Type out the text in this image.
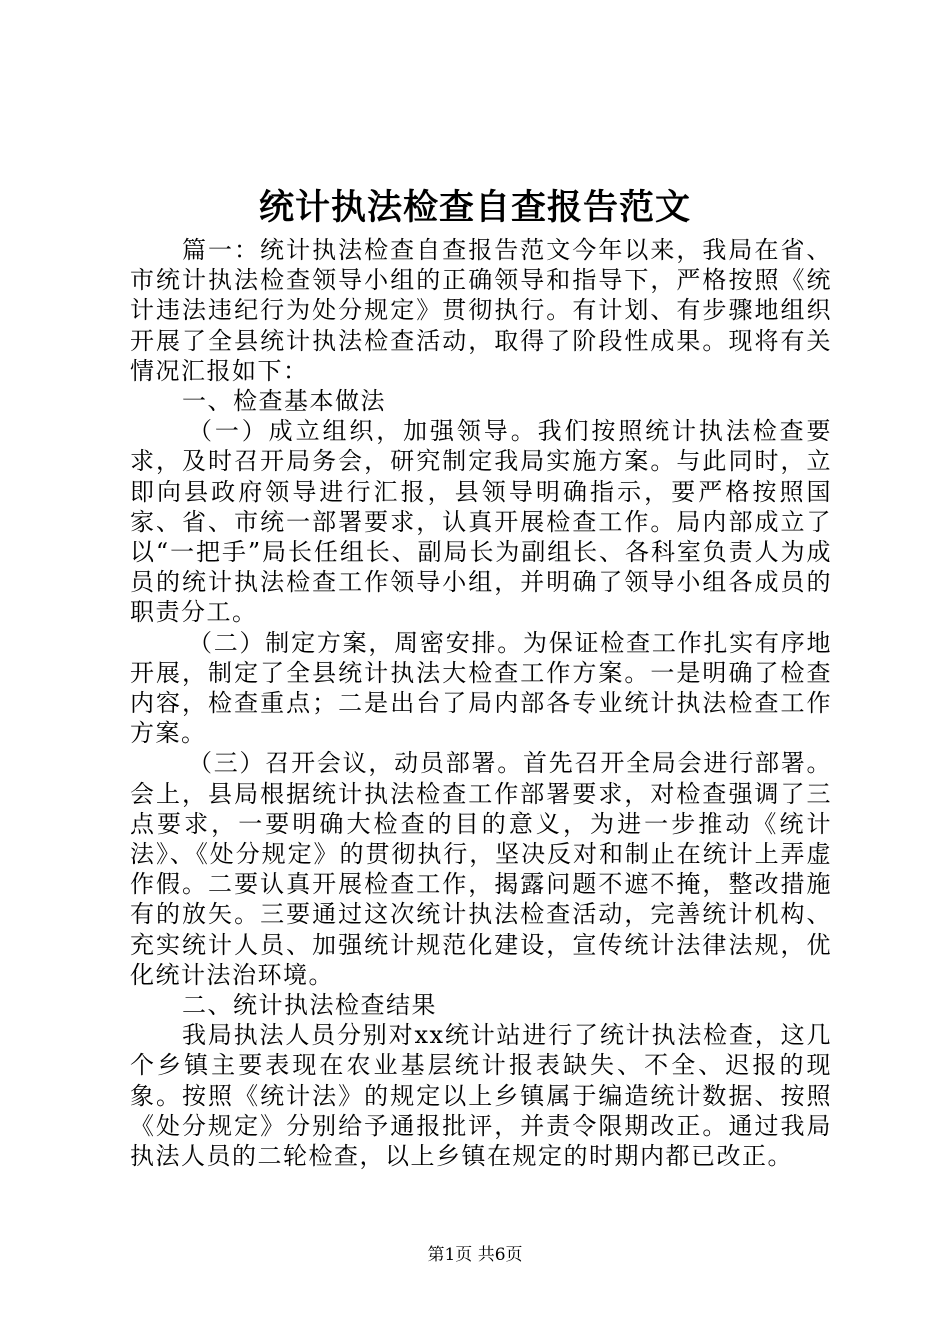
统计执法检查自查报告范文

篇一：统计执法检查自查报告范文今年以来，我局在省、市统计执法检查领导小组的正确领导和指导下，严格按照《统计违法违纪行为处分规定》贯彻执行。有计划、有步骤地组织开展了全县统计执法检查活动，取得了阶段性成果。现将有关情况汇报如下：

一、检查基本做法

（一）成立组织，加强领导。我们按照统计执法检查要求，及时召开局务会，研究制定我局实施方案。与此同时，立即向县政府领导进行汇报，县领导明确指示，要严格按照国家、省、市统一部署要求，认真开展检查工作。局内部成立了以“一把手”局长任组长、副局长为副组长、各科室负责人为成员的统计执法检查工作领导小组，并明确了领导小组各成员的职责分工。

（二）制定方案，周密安排。为保证检查工作扎实有序地开展，制定了全县统计执法大检查工作方案。一是明确了检查内容，检查重点；二是出台了局内部各专业统计执法检查工作方案。

（三）召开会议，动员部署。首先召开全局会进行部署。会上，县局根据统计执法检查工作部署要求，对检查强调了三点要求，一要明确大检查的目的意义，为进一步推动《统计法》、《处分规定》的贯彻执行，坚决反对和制止在统计上弄虚作假。二要认真开展检查工作，揭露问题不遮不掩，整改措施有的放矢。三要通过这次统计执法检查活动，完善统计机构、充实统计人员、加强统计规范化建设，宣传统计法律法规，优化统计法治环境。

二、统计执法检查结果

我局执法人员分别对xx统计站进行了统计执法检查，这几个乡镇主要表现在农业基层统计报表缺失、不全、迟报的现象。按照《统计法》的规定以上乡镇属于编造统计数据、按照《处分规定》分别给予通报批评，并责令限期改正。通过我局执法人员的二轮检查，以上乡镇在规定的时期内都已改正。

第1页 共6页
